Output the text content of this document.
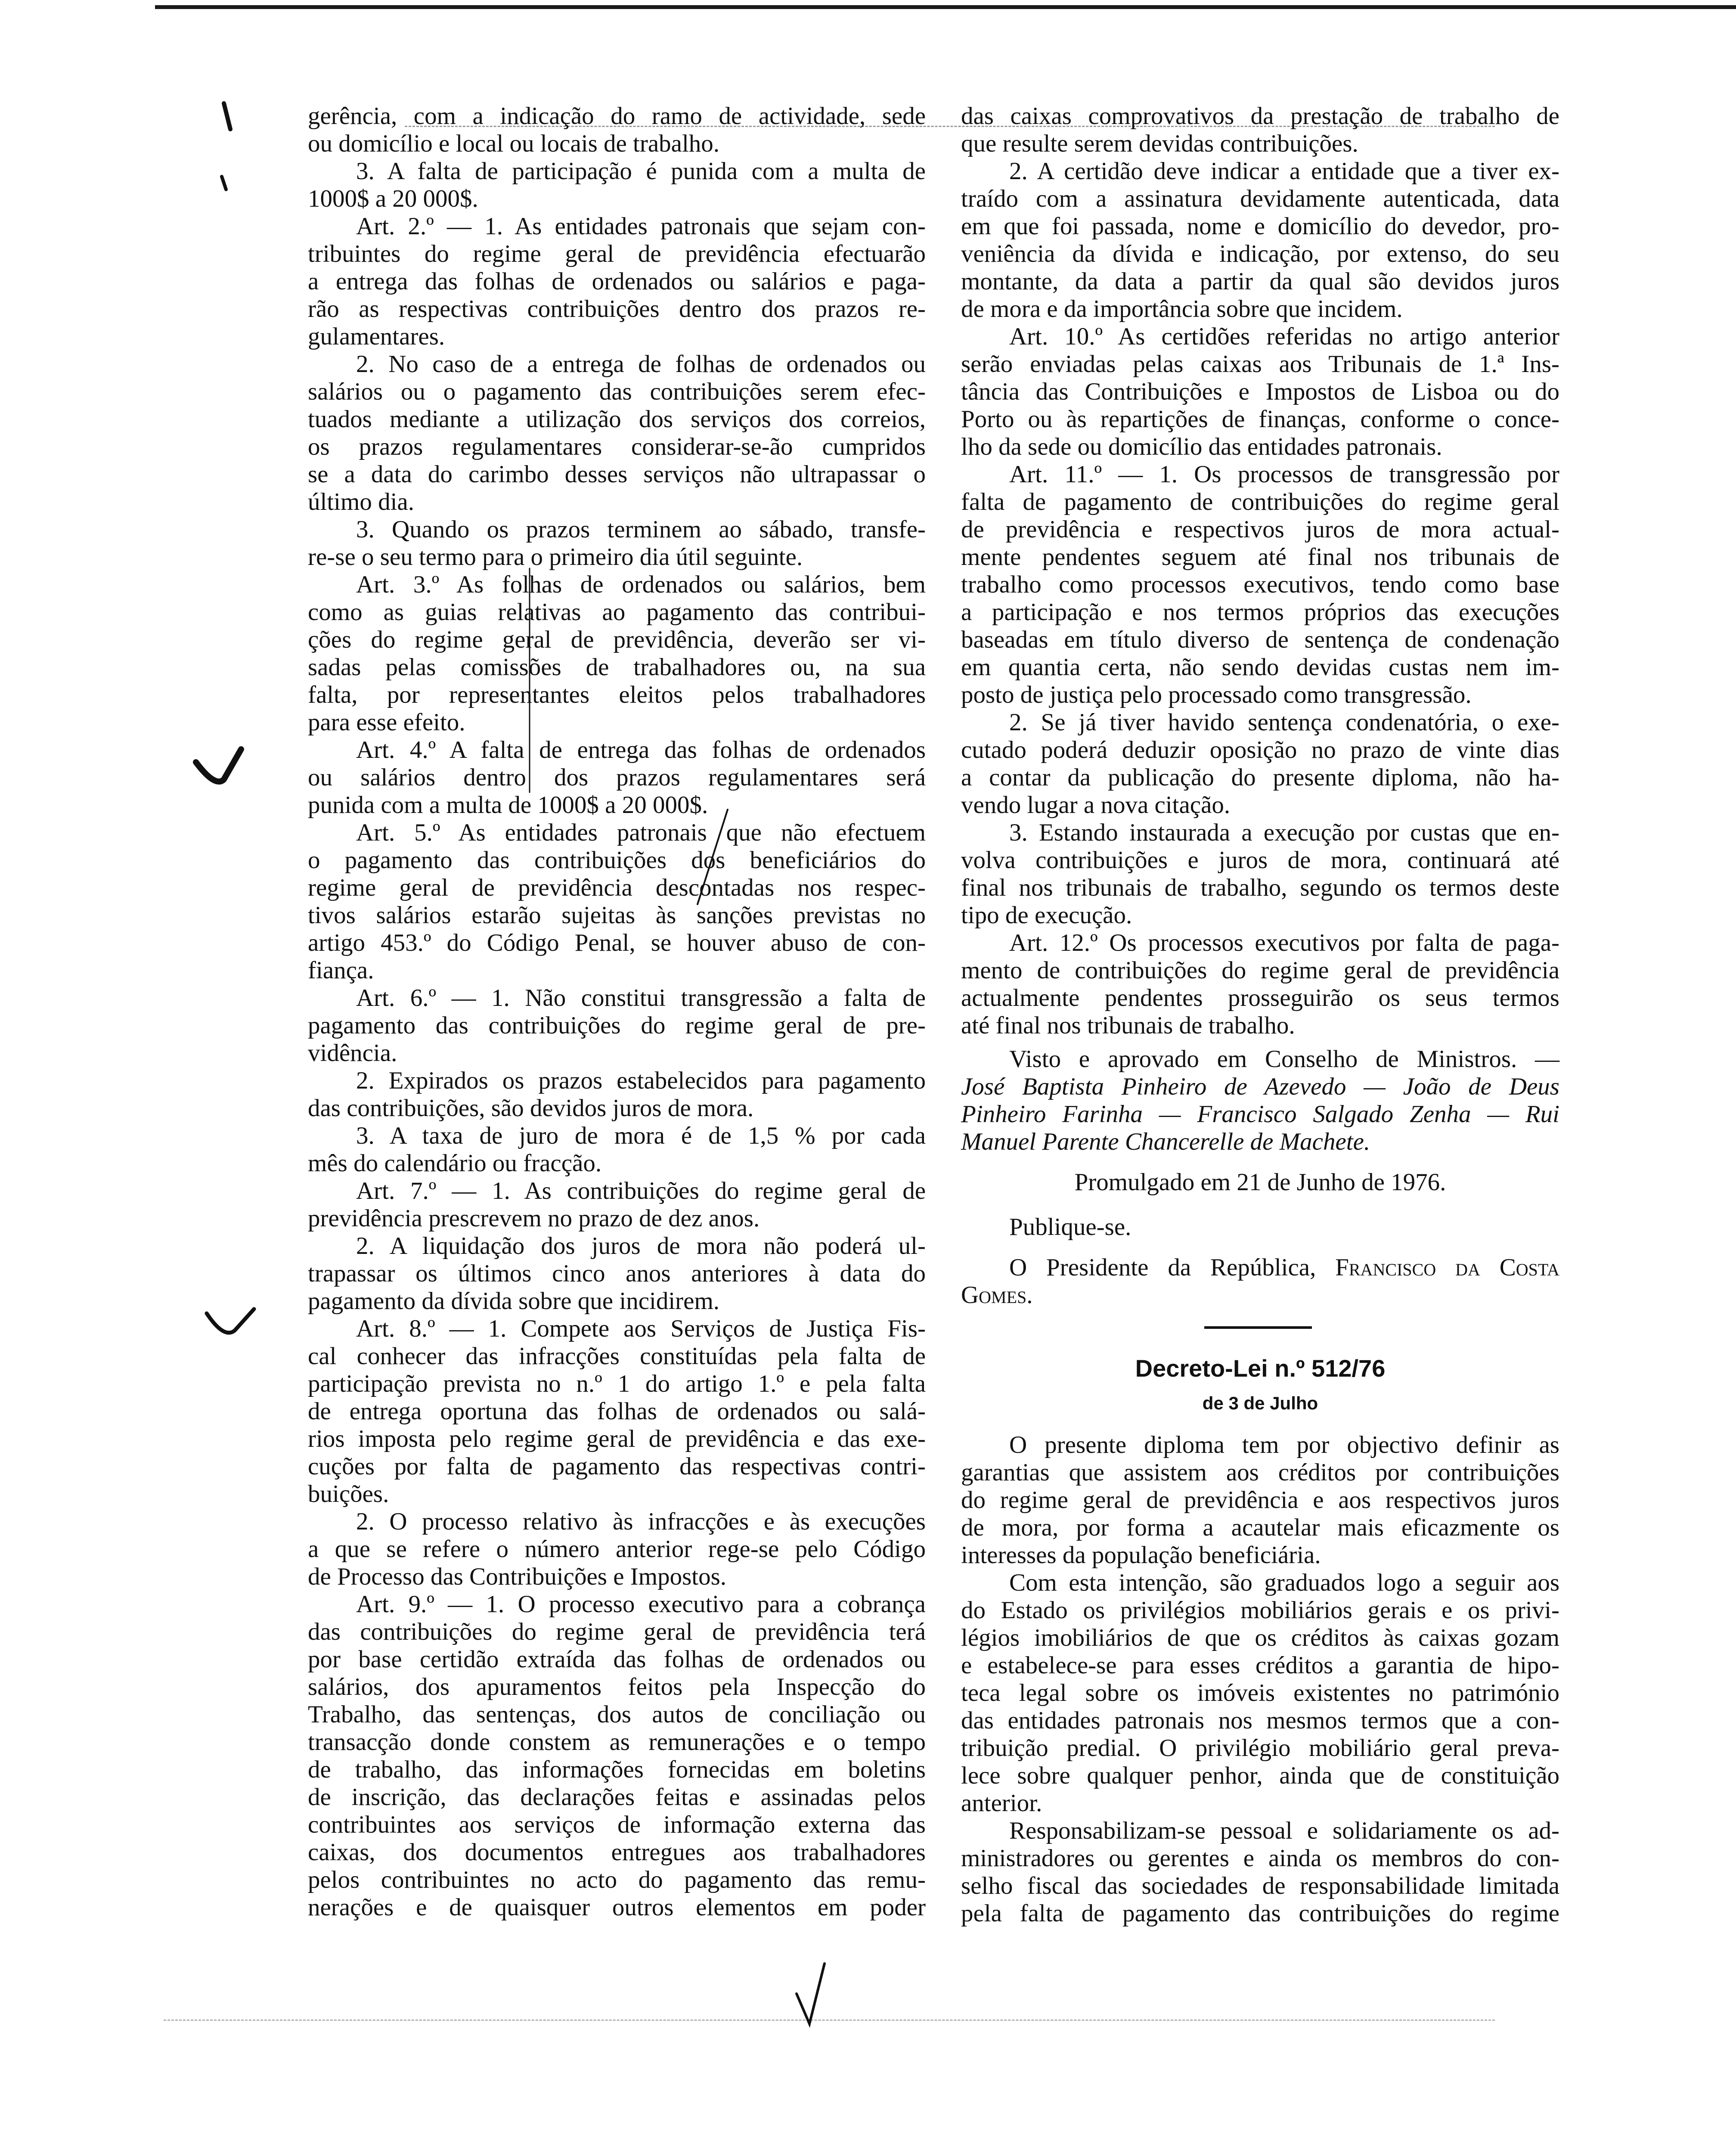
gerência, com a indicação do ramo de actividade, sede
ou domicílio e local ou locais de trabalho.
3. A falta de participação é punida com a multa de
1000$ a 20 000$.
Art. 2.º — 1. As entidades patronais que sejam con-
tribuintes do regime geral de previdência efectuarão
a entrega das folhas de ordenados ou salários e paga-
rão as respectivas contribuições dentro dos prazos re-
gulamentares.
2. No caso de a entrega de folhas de ordenados ou
salários ou o pagamento das contribuições serem efec-
tuados mediante a utilização dos serviços dos correios,
os prazos regulamentares considerar-se-ão cumpridos
se a data do carimbo desses serviços não ultrapassar o
último dia.
3. Quando os prazos terminem ao sábado, transfe-
re-se o seu termo para o primeiro dia útil seguinte.
Art. 3.º As folhas de ordenados ou salários, bem
como as guias relativas ao pagamento das contribui-
ções do regime geral de previdência, deverão ser vi-
sadas pelas comissões de trabalhadores ou, na sua
falta, por representantes eleitos pelos trabalhadores
para esse efeito.
Art. 4.º A falta de entrega das folhas de ordenados
ou salários dentro dos prazos regulamentares será
punida com a multa de 1000$ a 20 000$.
Art. 5.º As entidades patronais que não efectuem
o pagamento das contribuições dos beneficiários do
regime geral de previdência descontadas nos respec-
tivos salários estarão sujeitas às sanções previstas no
artigo 453.º do Código Penal, se houver abuso de con-
fiança.
Art. 6.º — 1. Não constitui transgressão a falta de
pagamento das contribuições do regime geral de pre-
vidência.
2. Expirados os prazos estabelecidos para pagamento
das contribuições, são devidos juros de mora.
3. A taxa de juro de mora é de 1,5 % por cada
mês do calendário ou fracção.
Art. 7.º — 1. As contribuições do regime geral de
previdência prescrevem no prazo de dez anos.
2. A liquidação dos juros de mora não poderá ul-
trapassar os últimos cinco anos anteriores à data do
pagamento da dívida sobre que incidirem.
Art. 8.º — 1. Compete aos Serviços de Justiça Fis-
cal conhecer das infracções constituídas pela falta de
participação prevista no n.º 1 do artigo 1.º e pela falta
de entrega oportuna das folhas de ordenados ou salá-
rios imposta pelo regime geral de previdência e das exe-
cuções por falta de pagamento das respectivas contri-
buições.
2. O processo relativo às infracções e às execuções
a que se refere o número anterior rege-se pelo Código
de Processo das Contribuições e Impostos.
Art. 9.º — 1. O processo executivo para a cobrança
das contribuições do regime geral de previdência terá
por base certidão extraída das folhas de ordenados ou
salários, dos apuramentos feitos pela Inspecção do
Trabalho, das sentenças, dos autos de conciliação ou
transacção donde constem as remunerações e o tempo
de trabalho, das informações fornecidas em boletins
de inscrição, das declarações feitas e assinadas pelos
contribuintes aos serviços de informação externa das
caixas, dos documentos entregues aos trabalhadores
pelos contribuintes no acto do pagamento das remu-
nerações e de quaisquer outros elementos em poder
das caixas comprovativos da prestação de trabalho de
que resulte serem devidas contribuições.
2. A certidão deve indicar a entidade que a tiver ex-
traído com a assinatura devidamente autenticada, data
em que foi passada, nome e domicílio do devedor, pro-
veniência da dívida e indicação, por extenso, do seu
montante, da data a partir da qual são devidos juros
de mora e da importância sobre que incidem.
Art. 10.º As certidões referidas no artigo anterior
serão enviadas pelas caixas aos Tribunais de 1.ª Ins-
tância das Contribuições e Impostos de Lisboa ou do
Porto ou às repartições de finanças, conforme o conce-
lho da sede ou domicílio das entidades patronais.
Art. 11.º — 1. Os processos de transgressão por
falta de pagamento de contribuições do regime geral
de previdência e respectivos juros de mora actual-
mente pendentes seguem até final nos tribunais de
trabalho como processos executivos, tendo como base
a participação e nos termos próprios das execuções
baseadas em título diverso de sentença de condenação
em quantia certa, não sendo devidas custas nem im-
posto de justiça pelo processado como transgressão.
2. Se já tiver havido sentença condenatória, o exe-
cutado poderá deduzir oposição no prazo de vinte dias
a contar da publicação do presente diploma, não ha-
vendo lugar a nova citação.
3. Estando instaurada a execução por custas que en-
volva contribuições e juros de mora, continuará até
final nos tribunais de trabalho, segundo os termos deste
tipo de execução.
Art. 12.º Os processos executivos por falta de paga-
mento de contribuições do regime geral de previdência
actualmente pendentes prosseguirão os seus termos
até final nos tribunais de trabalho.
Visto e aprovado em Conselho de Ministros. —
José Baptista Pinheiro de Azevedo — João de Deus
Pinheiro Farinha — Francisco Salgado Zenha — Rui
Manuel Parente Chancerelle de Machete.
Promulgado em 21 de Junho de 1976.
Publique-se.
O Presidente da República, Francisco da Costa
Gomes.
Decreto-Lei n.º 512/76
de 3 de Julho
O presente diploma tem por objectivo definir as
garantias que assistem aos créditos por contribuições
do regime geral de previdência e aos respectivos juros
de mora, por forma a acautelar mais eficazmente os
interesses da população beneficiária.
Com esta intenção, são graduados logo a seguir aos
do Estado os privilégios mobiliários gerais e os privi-
légios imobiliários de que os créditos às caixas gozam
e estabelece-se para esses créditos a garantia de hipo-
teca legal sobre os imóveis existentes no património
das entidades patronais nos mesmos termos que a con-
tribuição predial. O privilégio mobiliário geral preva-
lece sobre qualquer penhor, ainda que de constituição
anterior.
Responsabilizam-se pessoal e solidariamente os ad-
ministradores ou gerentes e ainda os membros do con-
selho fiscal das sociedades de responsabilidade limitada
pela falta de pagamento das contribuições do regime
